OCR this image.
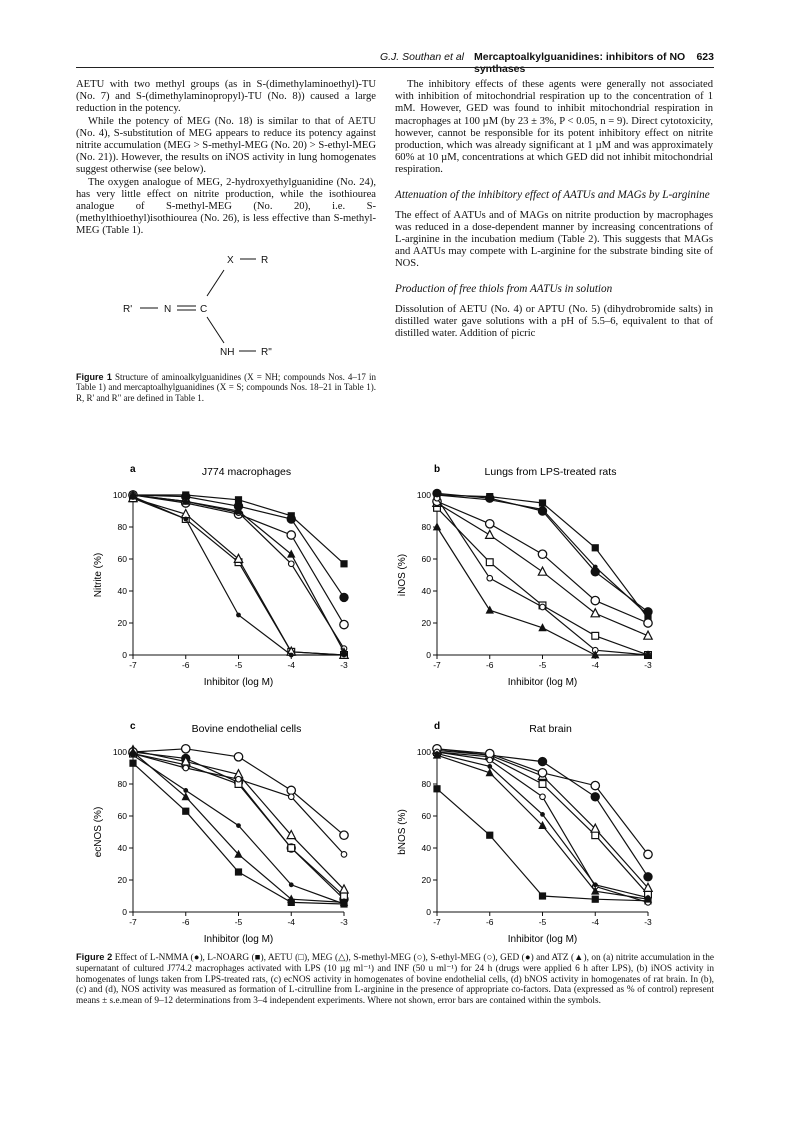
G.J. Southan et al Mercaptoalkylguanidines: inhibitors of NO synthases
623

AETU with two methyl groups (as in S-(dimethylaminoethyl)-TU (No. 7) and S-(dimethylaminopropyl)-TU (No. 8)) caused a large reduction in the potency.

While the potency of MEG (No. 18) is similar to that of AETU (No. 4), S-substitution of MEG appears to reduce its potency against nitrite accumulation (MEG > S-methyl-MEG (No. 20) > S-ethyl-MEG (No. 21)). However, the results on iNOS activity in lung homogenates suggest otherwise (see below).

The oxygen analogue of MEG, 2-hydroxyethylguanidine (No. 24), has very little effect on nitrite production, while the isothiourea analogue of S-methyl-MEG (No. 20), i.e. S-(methylthioethyl)isothiourea (No. 26), is less effective than S-methyl-MEG (Table 1).

X	R
R'	N	C
NH	R"
Figure 1 Structure of aminoalkylguanidines (X = NH; compounds Nos. 4–17 in Table 1) and mercaptoalhylguanidines (X = S; compounds Nos. 18–21 in Table 1). R, R' and R" are defined in Table 1.

The inhibitory effects of these agents were generally not associated with inhibition of mitochondrial respiration up to the concentration of 1 mM. However, GED was found to inhibit mitochondrial respiration in macrophages at 100 µM (by 23 ± 3%, P < 0.05, n = 9). Direct cytotoxicity, however, cannot be responsible for its potent inhibitory effect on nitrite production, which was already significant at 1 µM and was approximately 60% at 10 µM, concentrations at which GED did not inhibit mitochondrial respiration.

Attenuation of the inhibitory effect of AATUs and MAGs by L-arginine

The effect of AATUs and of MAGs on nitrite production by macrophages was reduced in a dose-dependent manner by increasing concentrations of L-arginine in the incubation medium (Table 2). This suggests that MAGs and AATUs may compete with L-arginine for the substrate binding site of NOS.

Production of free thiols from AATUs in solution

Dissolution of AETU (No. 4) or APTU (No. 5) (dihydrobromide salts) in distilled water gave solutions with a pH of 5.5–6, equivalent to that of distilled water. Addition of picric

a	J774 macrophages
0
20
40
60
80
100
-7	-6	-5	-4	-3
Inhibitor (log M)
Nitrite (%)
b	Lungs from LPS-treated rats
0
20
40
60
80
100
-7	-6	-5	-4	-3
Inhibitor (log M)
iNOS (%)
c	Bovine endothelial cells
0
20
40
60
80
100
-7	-6	-5	-4	-3
Inhibitor (log M)
ecNOS (%)
d	Rat brain
0
20
40
60
80
100
-7	-6	-5	-4	-3
Inhibitor (log M)
bNOS (%)
Figure 2 Effect of L-NMMA (●), L-NOARG (■), AETU (□), MEG (△), S-methyl-MEG (○), S-ethyl-MEG (○), GED (●) and ATZ (▲), on (a) nitrite accumulation in the supernatant of cultured J774.2 macrophages activated with LPS (10 µg ml⁻¹) and INF (50 u ml⁻¹) for 24 h (drugs were applied 6 h after LPS), (b) iNOS activity in homogenates of lungs taken from LPS-treated rats, (c) ecNOS activity in homogenates of bovine endothelial cells, (d) bNOS activity in homogenates of rat brain. In (b), (c) and (d), NOS activity was measured as formation of L-citrulline from L-arginine in the presence of appropriate co-factors. Data (expressed as % of control) represent means ± s.e.mean of 9–12 determinations from 3–4 independent experiments. Where not shown, error bars are contained within the symbols.
